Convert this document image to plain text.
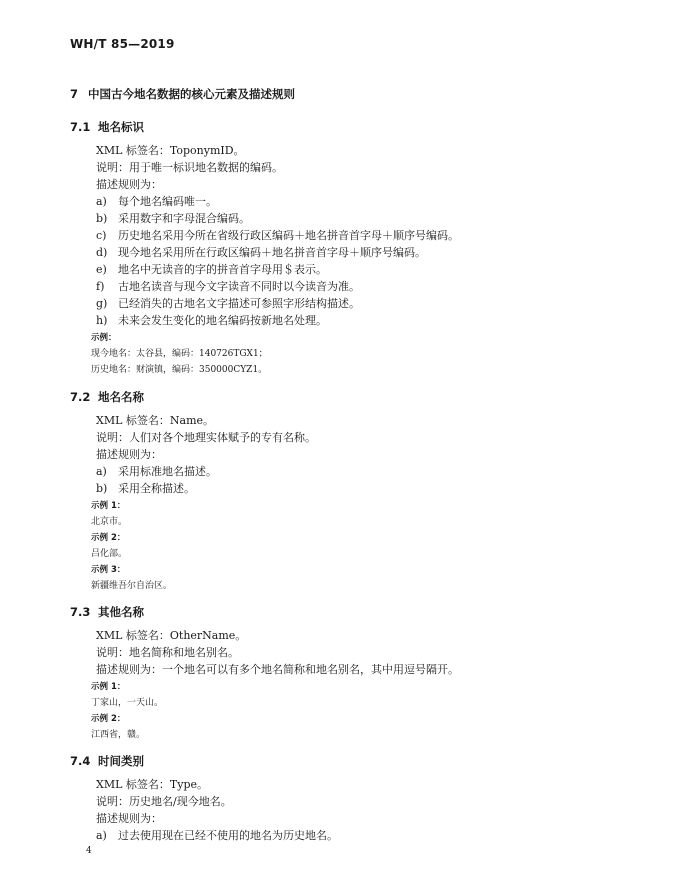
WH/T 85—2019
7 中国古今地名数据的核心元素及描述规则
7.1 地名标识
XML 标签名：ToponymID。
说明：用于唯一标识地名数据的编码。
描述规则为：
a) 每个地名编码唯一。
b) 采用数字和字母混合编码。
c) 历史地名采用今所在省级行政区编码＋地名拼音首字母＋顺序号编码。
d) 现今地名采用所在行政区编码＋地名拼音首字母＋顺序号编码。
e) 地名中无读音的字的拼音首字母用＄表示。
f) 古地名读音与现今文字读音不同时以今读音为准。
g) 已经消失的古地名文字描述可参照字形结构描述。
h) 未来会发生变化的地名编码按新地名处理。
示例：
现今地名：太谷县，编码：140726TGX1；
历史地名：财演镇，编码：350000CYZ1。
7.2 地名名称
XML 标签名：Name。
说明：人们对各个地理实体赋予的专有名称。
描述规则为：
a) 采用标准地名描述。
b) 采用全称描述。
示例 1：
北京市。
示例 2：
吕化部。
示例 3：
新疆维吾尔自治区。
7.3 其他名称
XML 标签名：OtherName。
说明：地名简称和地名别名。
描述规则为：一个地名可以有多个地名简称和地名别名，其中用逗号隔开。
示例 1：
丁家山，一天山。
示例 2：
江西省，赣。
7.4 时间类别
XML 标签名：Type。
说明：历史地名/现今地名。
描述规则为：
a) 过去使用现在已经不使用的地名为历史地名。
4
